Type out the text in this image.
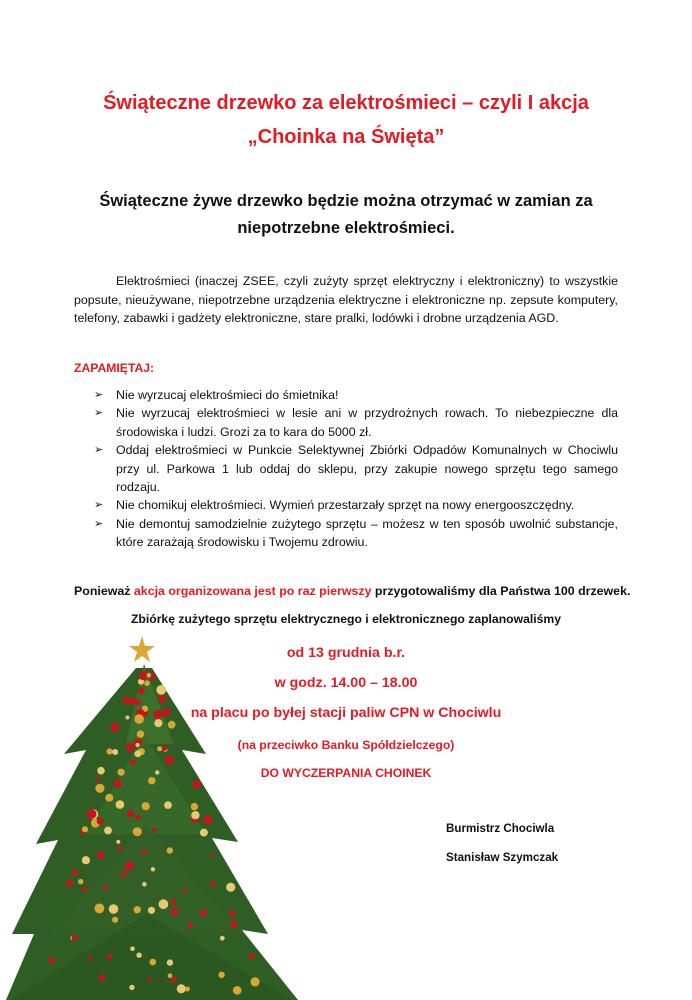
Świąteczne drzewko za elektrośmieci – czyli I akcja
„Choinka na Święta”
Świąteczne żywe drzewko będzie można otrzymać w zamian za
niepotrzebne elektrośmieci.

Elektrośmieci (inaczej ZSEE, czyli zużyty sprzęt elektryczny i elektroniczny) to wszystkie popsute, nieużywane, niepotrzebne urządzenia elektryczne i elektroniczne np. zepsute komputery, telefony, zabawki i gadżety elektroniczne, stare pralki, lodówki i drobne urządzenia AGD.

ZAPAMIĘTAJ:

➢ Nie wyrzucaj elektrośmieci do śmietnika!
➢ Nie wyrzucaj elektrośmieci w lesie ani w przydrożnych rowach. To niebezpieczne dla środowiska i ludzi. Grozi za to kara do 5000 zł.
➢ Oddaj elektrośmieci w Punkcie Selektywnej Zbiórki Odpadów Komunalnych w Chociwlu przy ul. Parkowa 1 lub oddaj do sklepu, przy zakupie nowego sprzętu tego samego rodzaju.
➢ Nie chomikuj elektrośmieci. Wymień przestarzały sprzęt na nowy energooszczędny.
➢ Nie demontuj samodzielnie zużytego sprzętu – możesz w ten sposób uwolnić substancje, które zarażają środowisku i Twojemu zdrowiu.

Ponieważ akcja organizowana jest po raz pierwszy przygotowaliśmy dla Państwa 100 drzewek.

Zbiórkę zużytego sprzętu elektrycznego i elektronicznego zaplanowaliśmy

od 13 grudnia b.r.

w godz. 14.00 – 18.00

na placu po byłej stacji paliw CPN w Chociwlu

(na przeciwko Banku Spółdzielczego)

DO WYCZERPANIA CHOINEK

Burmistrz Chociwla

Stanisław Szymczak
